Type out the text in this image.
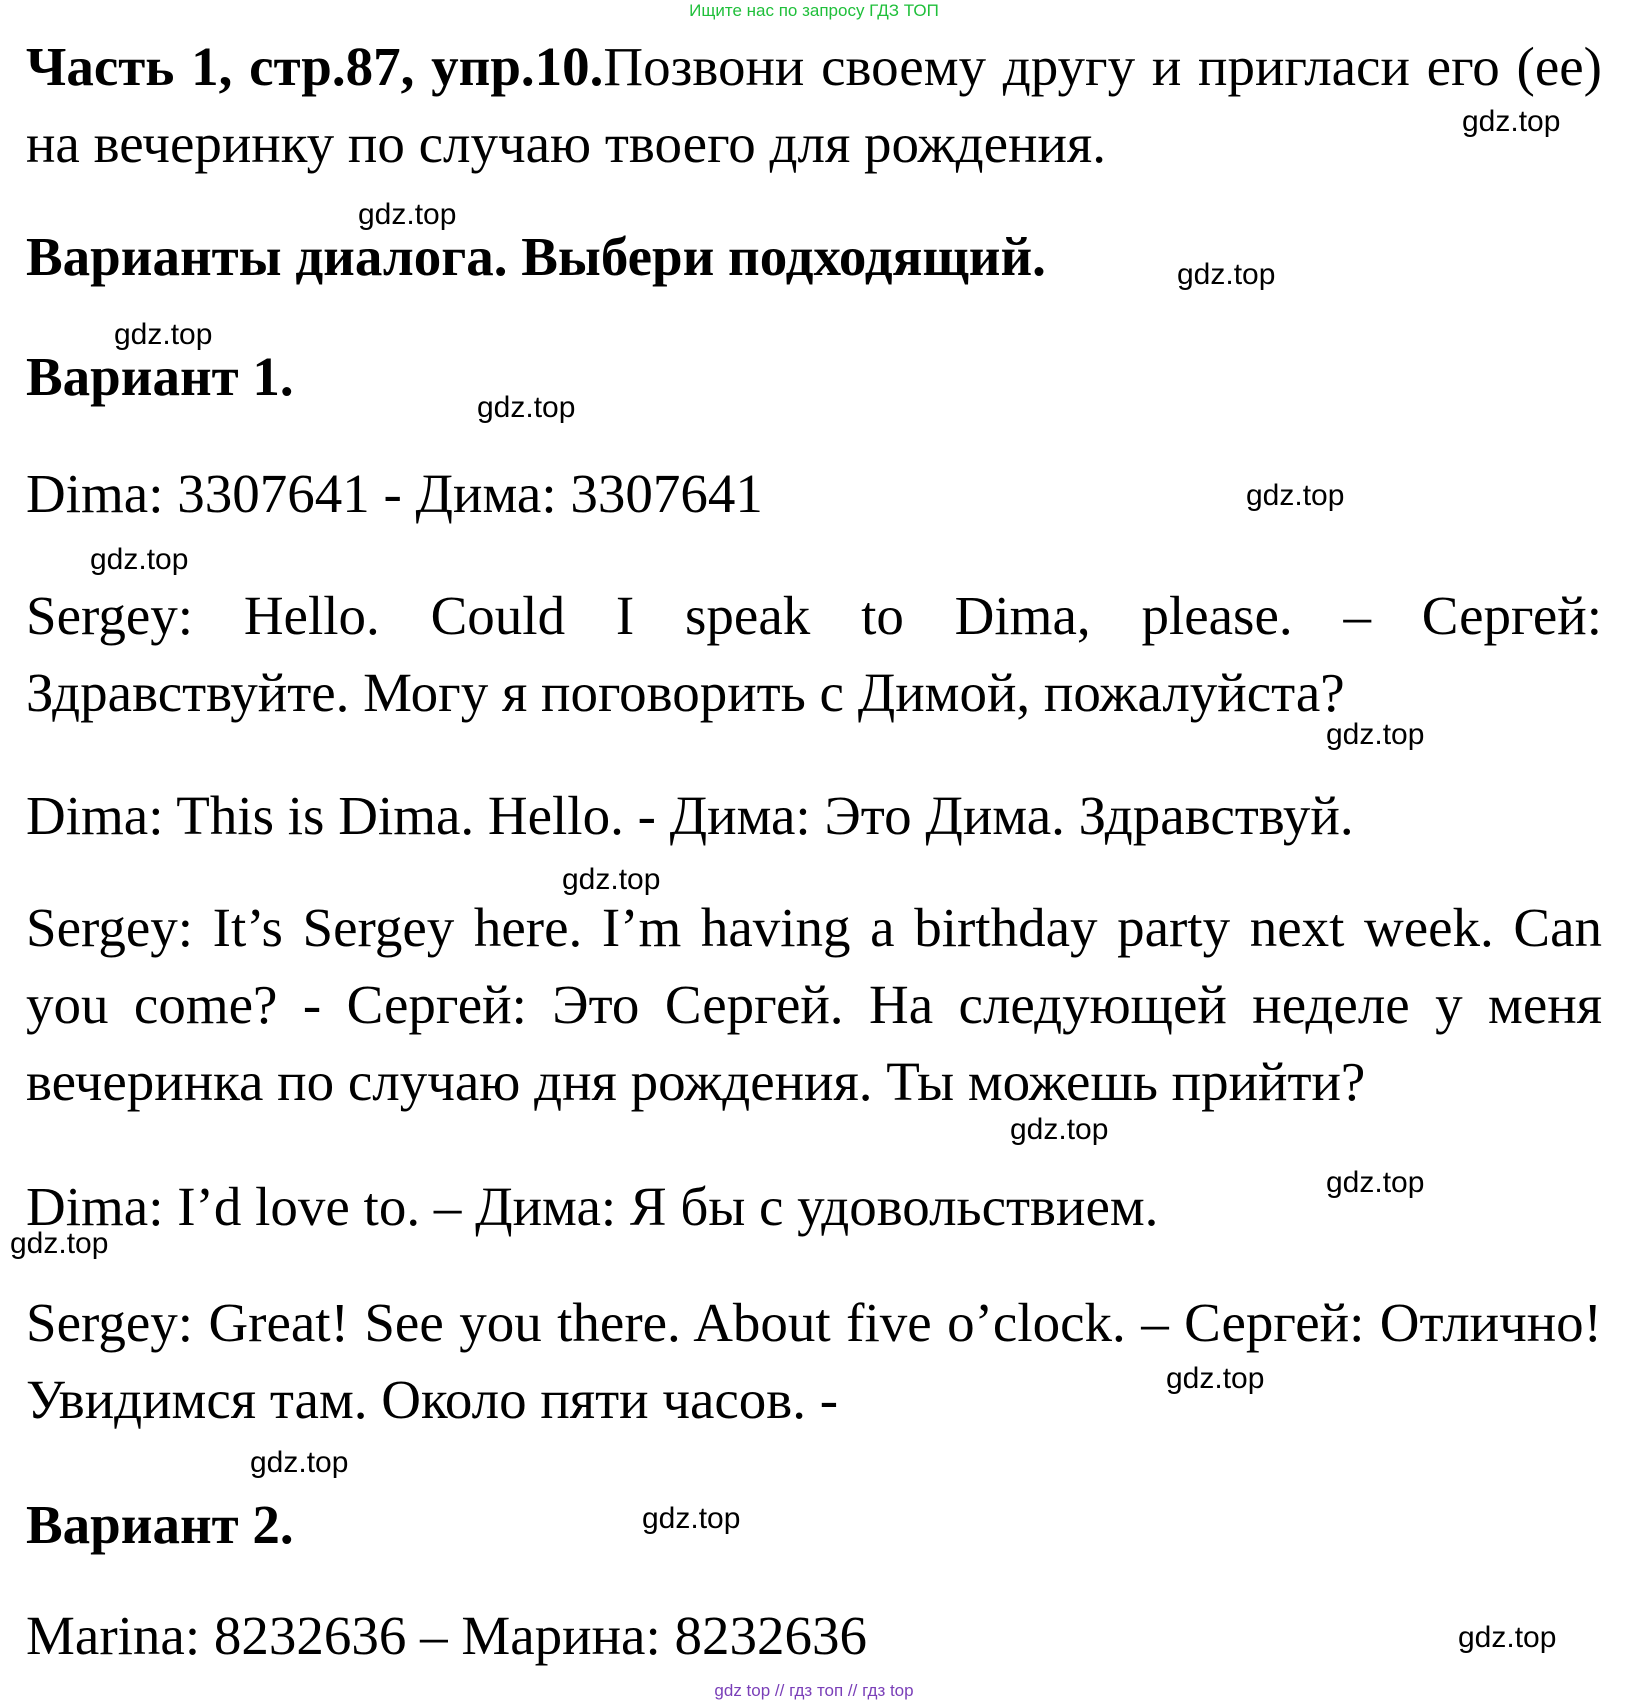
Ищите нас по запросу ГДЗ ТОП
Часть 1, стр.87, упр.10.Позвони своему другу и пригласи его (ее) на вечеринку по случаю твоего для рождения.
Варианты диалога. Выбери подходящий.
Вариант 1.
Dima: 3307641 - Дима: 3307641
Sergey: Hello. Could I speak to Dima, please. – Сергей: Здравствуйте. Могу я поговорить с Димой, пожалуйста?
Dima: This is Dima. Hello. - Дима: Это Дима. Здравствуй.
Sergey: It’s Sergey here. I’m having a birthday party next week. Can you come? - Сергей: Это Сергей. На следующей неделе у меня вечеринка по случаю дня рождения. Ты можешь прийти?
Dima: I’d love to. – Дима: Я бы с удовольствием.
Sergey: Great! See you there. About five o’clock. – Сергей: Отлично! Увидимся там. Около пяти часов. -
Вариант 2.
Marina: 8232636 – Марина: 8232636
gdz.top
gdz.top
gdz.top
gdz.top
gdz.top
gdz.top
gdz.top
gdz.top
gdz.top
gdz.top
gdz.top
gdz.top
gdz.top
gdz.top
gdz.top
gdz.top
gdz top // гдз топ // гдз top
